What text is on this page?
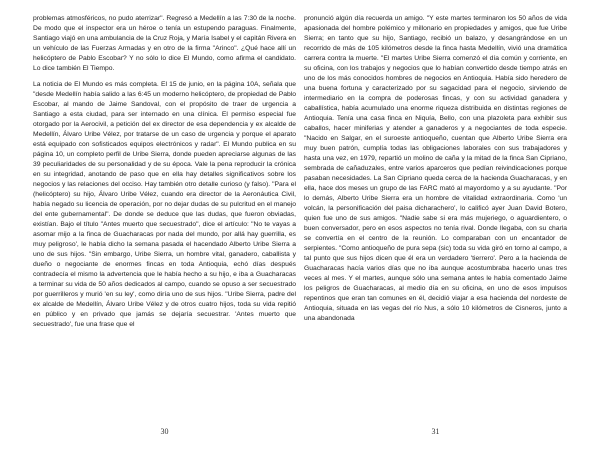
problemas atmosféricos, no pudo aterrizar". Regresó a Medellín a las 7:30 de la noche. De modo que el inspector era un héroe o tenía un estupendo paraguas. Finalmente, Santiago viajó en una ambulancia de la Cruz Roja, y María Isabel y el capitán Rivera en un vehículo de las Fuerzas Armadas y en otro de la firma "Arinco". ¿Qué hace allí un helicóptero de Pablo Escobar? Y no sólo lo dice El Mundo, como afirma el candidato. Lo dice también El Tiempo.

La noticia de El Mundo es más completa. El 15 de junio, en la página 10A, señala que "desde Medellín había salido a las 6:45 un moderno helicóptero, de propiedad de Pablo Escobar, al mando de Jaime Sandoval, con el propósito de traer de urgencia a Santiago a esta ciudad, para ser internado en una clínica. El permiso especial fue otorgado por la Aerocivil, a petición del ex director de esa dependencia y ex alcalde de Medellín, Álvaro Uribe Vélez, por tratarse de un caso de urgencia y porque el aparato está equipado con sofisticados equipos electrónicos y radar". El Mundo publica en su página 10, un completo perfil de Uribe Sierra, donde pueden apreciarse algunas de las 39 peculiaridades de su personalidad y de su época. Vale la pena reproducir la crónica en su integridad, anotando de paso que en ella hay detalles significativos sobre los negocios y las relaciones del occiso. Hay también otro detalle curioso (y falso). "Para el (helicóptero) su hijo, Álvaro Uribe Vélez, cuando era director de la Aeronáutica Civil, había negado su licencia de operación, por no dejar dudas de su pulcritud en el manejo del ente gubernamental". De donde se deduce que las dudas, que fueron obviadas, existían. Bajo el título "Antes muerto que secuestrado", dice el artículo: "No te vayas a asomar mijo a la finca de Guacharacas por nada del mundo, por allá hay guerrilla, es muy peligroso', le había dicho la semana pasada el hacendado Alberto Uribe Sierra a uno de sus hijos. "Sin embargo, Uribe Sierra, un hombre vital, ganadero, caballista y dueño o negociante de enormes fincas en toda Antioquia, echó días después contradecía el mismo la advertencia que le había hecho a su hijo, e iba a Guacharacas a terminar su vida de 50 años dedicados al campo, cuando se opuso a ser secuestrado por guerrilleros y murió 'en su ley', como diría uno de sus hijos. "Uribe Sierra, padre del ex alcalde de Medellín, Álvaro Uribe Vélez y de otros cuatro hijos, toda su vida repitió en público y en privado que jamás se dejaría secuestrar. 'Antes muerto que secuestrado', fue una frase que el

30

pronunció algún día recuerda un amigo. "Y este martes terminaron los 50 años de vida apasionada del hombre polémico y millonario en propiedades y amigos, que fue Uribe Sierra; en tanto que su hijo, Santiago, recibió un balazo, y desangrándose en un recorrido de más de 105 kilómetros desde la finca hasta Medellín, vivió una dramática carrera contra la muerte. "El martes Uribe Sierra comenzó el día común y corriente, en su oficina, con los trabajos y negocios que lo habían convertido desde tiempo atrás en uno de los más conocidos hombres de negocios en Antioquia. Había sido heredero de una buena fortuna y caracterizado por su sagacidad para el negocio, sirviendo de intermediario en la compra de poderosas fincas, y con su actividad ganadera y caballística, había acumulado una enorme riqueza distribuida en distintas regiones de Antioquia. Tenía una casa finca en Niquía, Bello, con una plazoleta para exhibir sus caballos, hacer miniferias y atender a ganaderos y a negociantes de toda especie. "Nacido en Salgar, en el suroeste antioqueño, cuentan que Alberto Uribe Sierra era muy buen patrón, cumplía todas las obligaciones laborales con sus trabajadores y hasta una vez, en 1979, repartió un molino de caña y la mitad de la finca San Cipriano, sembrada de cañaduzales, entre varios aparceros que pedían reivindicaciones porque pasaban necesidades. La San Cipriano queda cerca de la hacienda Guacharacas, y en ella, hace dos meses un grupo de las FARC mató al mayordomo y a su ayudante. "Por lo demás, Alberto Uribe Sierra era un hombre de vitalidad extraordinaria. Como 'un volcán, la personificación del paisa dicharachero', lo calificó ayer Juan David Botero, quien fue uno de sus amigos. "Nadie sabe si era más mujeriego, o aguardientero, o buen conversador, pero en esos aspectos no tenía rival. Donde llegaba, con su charla se convertía en el centro de la reunión. Lo comparaban con un encantador de serpientes. "Como antioqueño de pura sepa (sic) toda su vida giró en torno al campo, a tal punto que sus hijos dicen que él era un verdadero 'tierrero'. Pero a la hacienda de Guacharacas hacía varios días que no iba aunque acostumbraba hacerlo unas tres veces al mes. Y el martes, aunque sólo una semana antes le había comentado Jaime los peligros de Guacharacas, al medio día en su oficina, en uno de esos impulsos repentinos que eran tan comunes en él, decidió viajar a esa hacienda del nordeste de Antioquia, situada en las vegas del río Nus, a sólo 10 kilómetros de Cisneros, junto a una abandonada

31
